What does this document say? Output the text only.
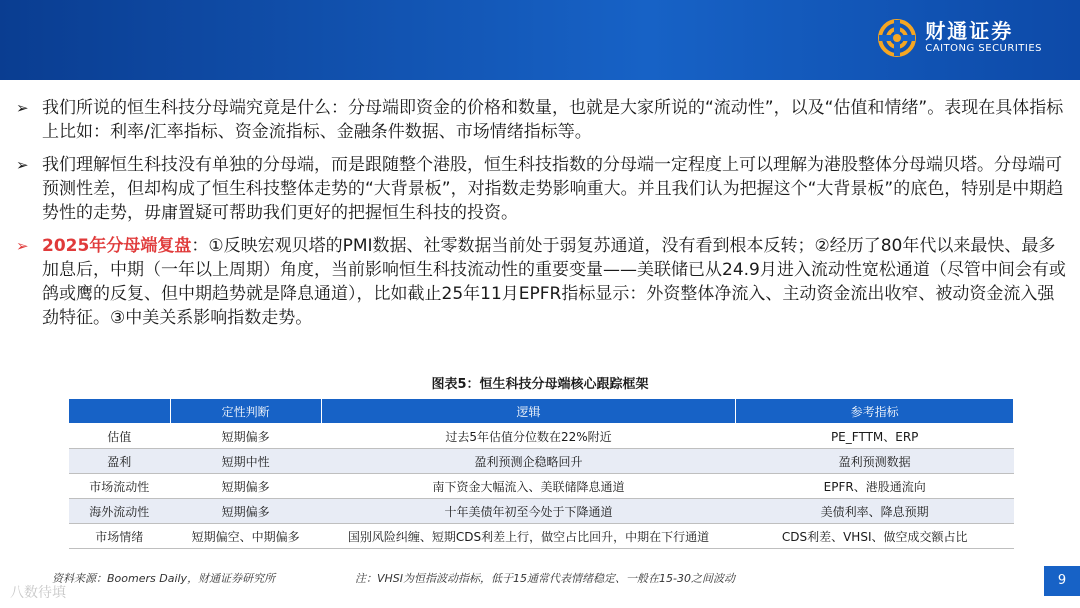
财通证券
CAITONG SECURITIES
➢ 我们所说的恒生科技分母端究竟是什么：分母端即资金的价格和数量，也就是大家所说的“流动性”，以及“估值和情绪”。表现在具体指标上比如：利率/汇率指标、资金流指标、金融条件数据、市场情绪指标等。
➢ 我们理解恒生科技没有单独的分母端，而是跟随整个港股，恒生科技指数的分母端一定程度上可以理解为港股整体分母端贝塔。分母端可预测性差，但却构成了恒生科技整体走势的“大背景板”，对指数走势影响重大。并且我们认为把握这个“大背景板”的底色，特别是中期趋势性的走势，毋庸置疑可帮助我们更好的把握恒生科技的投资。
➢ 2025年分母端复盘：①反映宏观贝塔的PMI数据、社零数据当前处于弱复苏通道，没有看到根本反转；②经历了80年代以来最快、最多加息后，中期（一年以上周期）角度，当前影响恒生科技流动性的重要变量——美联储已从24.9月进入流动性宽松通道（尽管中间会有或鸽或鹰的反复、但中期趋势就是降息通道），比如截止25年11月EPFR指标显示：外资整体净流入、主动资金流出收窄、被动资金流入强劲特征。③中美关系影响指数走势。
图表5：恒生科技分母端核心跟踪框架
	定性判断	逻辑	参考指标
估值	短期偏多	过去5年估值分位数在22%附近	PE_FTTM、ERP
盈利	短期中性	盈利预测企稳略回升	盈利预测数据
市场流动性	短期偏多	南下资金大幅流入、美联储降息通道	EPFR、港股通流向
海外流动性	短期偏多	十年美债年初至今处于下降通道	美债利率、降息预期
市场情绪	短期偏空、中期偏多	国别风险纠缠、短期CDS利差上行，做空占比回升，中期在下行通道	CDS利差、VHSI、做空成交额占比
资料来源：Boomers Daily，财通证券研究所	注：VHSI为恒指波动指标，低于15通常代表情绪稳定、一般在15-30之间波动
八数待填
9
